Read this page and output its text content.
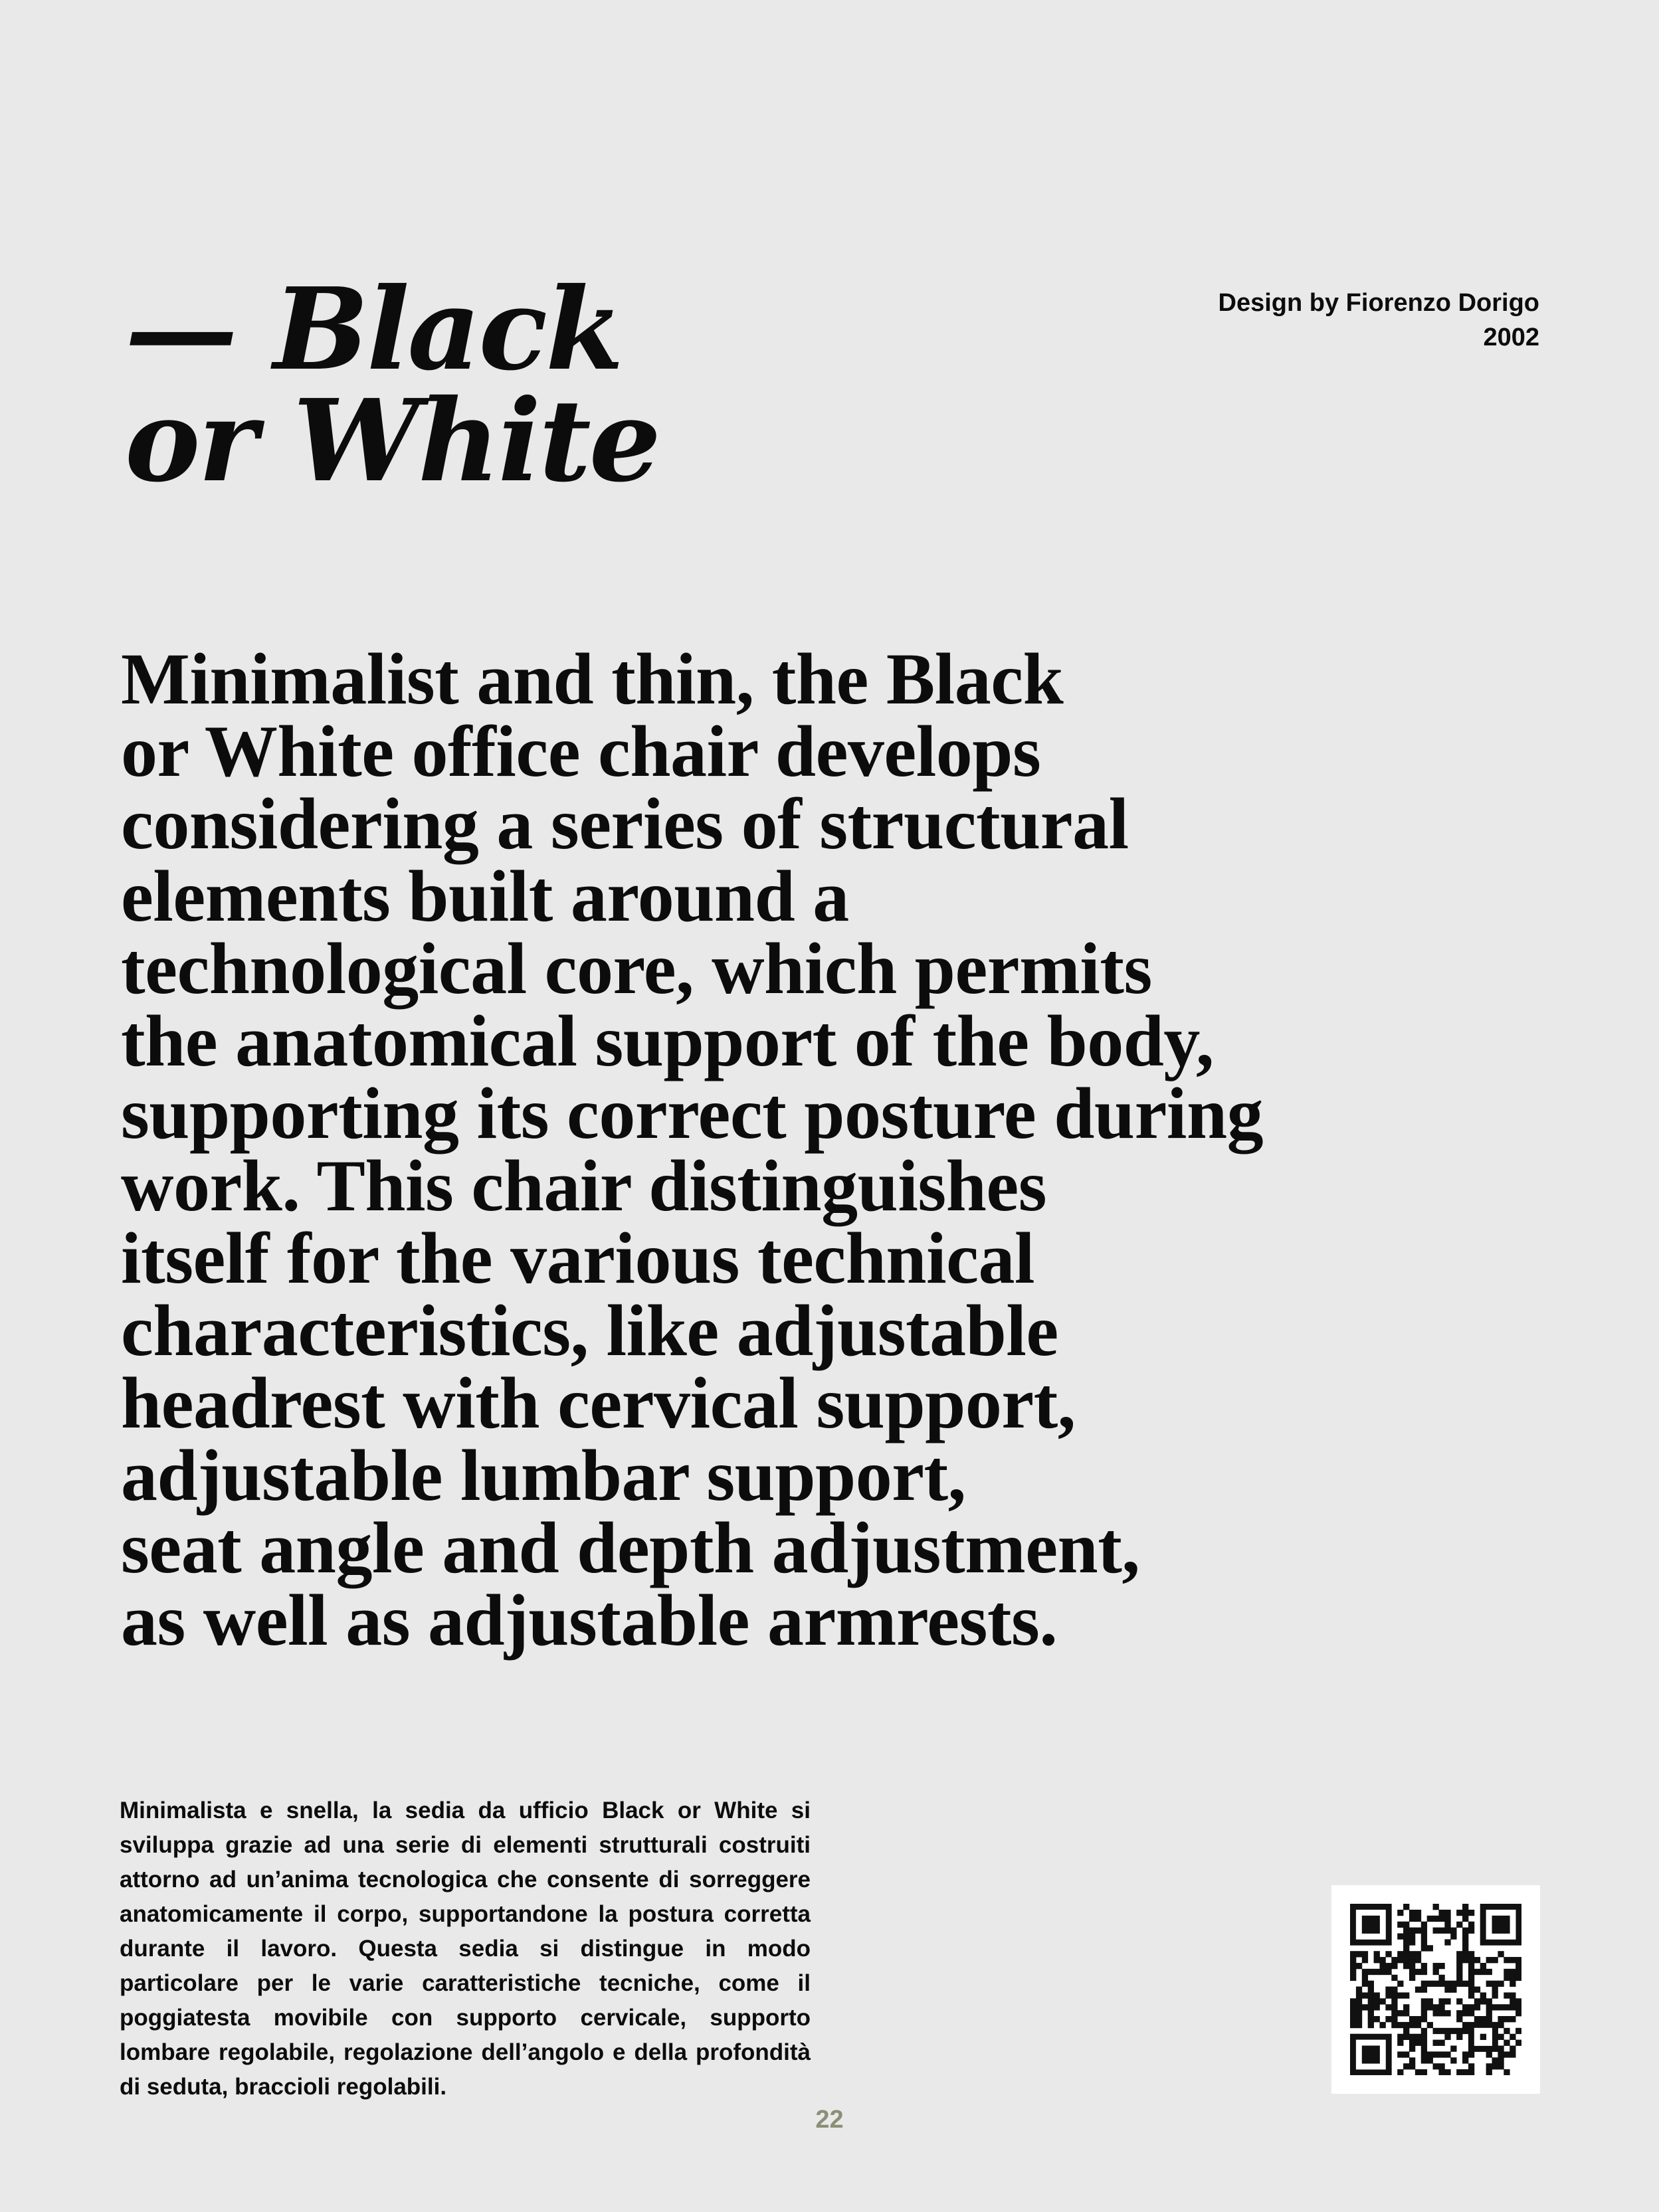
— Black
or White
Design by Fiorenzo Dorigo
2002

Minimalist and thin, the Black
or White office chair develops
considering a series of structural
elements built around a
technological core, which permits
the anatomical support of the body,
supporting its correct posture during
work. This chair distinguishes
itself for the various technical
characteristics, like adjustable
headrest with cervical support,
adjustable lumbar support,
seat angle and depth adjustment,
as well as adjustable armrests.

Minimalista e snella, la sedia da ufficio Black or White si sviluppa grazie ad una serie di elementi strutturali costruiti attorno ad un’anima tecnologica che consente di sorreggere anatomicamente il corpo, supportandone la postura corretta durante il lavoro. Questa sedia si distingue in modo particolare per le varie caratteristiche tecniche, come il poggiatesta movibile con supporto cervicale, supporto lombare regolabile, regolazione dell’angolo e della profondità di seduta, braccioli regolabili.

22
